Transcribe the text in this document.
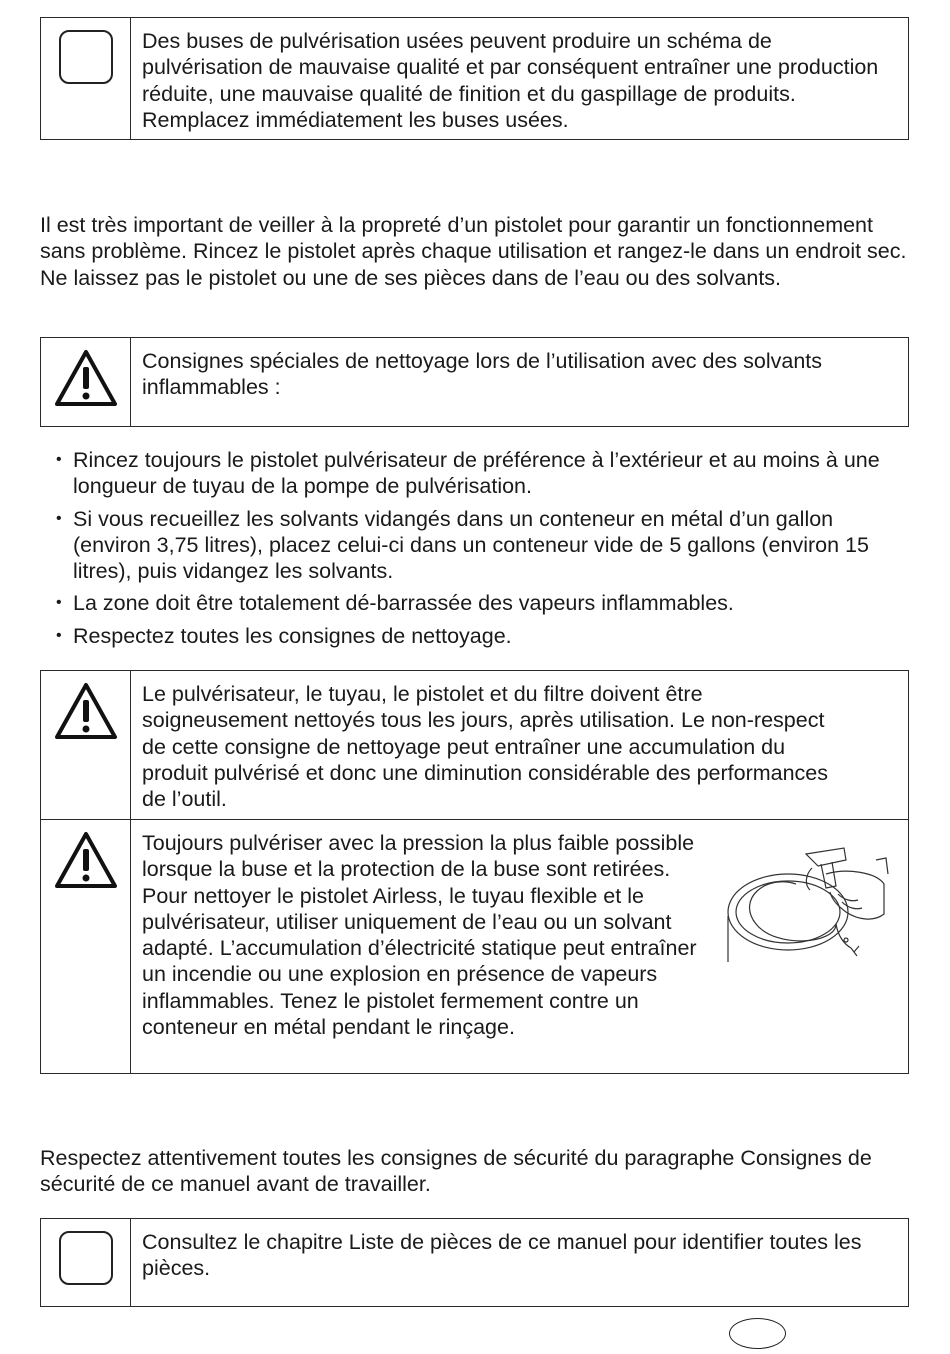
Des buses de pulvérisation usées peuvent produire un schéma de pulvérisation de mauvaise qualité et par conséquent entraîner une production réduite, une mauvaise qualité de finition et du gaspillage de produits. Remplacez immédiatement les buses usées.
Il est très important de veiller à la propreté d’un pistolet pour garantir un fonctionnement sans problème. Rincez le pistolet après chaque utilisation et rangez-le dans un endroit sec. Ne laissez pas le pistolet ou une de ses pièces dans de l’eau ou des solvants.
Consignes spéciales de nettoyage lors de l’utilisation avec des solvants inflammables :
• Rincez toujours le pistolet pulvérisateur de préférence à l’extérieur et au moins à une longueur de tuyau de la pompe de pulvérisation.
• Si vous recueillez les solvants vidangés dans un conteneur en métal d’un gallon (environ 3,75 litres), placez celui-ci dans un conteneur vide de 5 gallons (environ 15 litres), puis vidangez les solvants.
• La zone doit être totalement dé-barrassée des vapeurs inflammables.
• Respectez toutes les consignes de nettoyage.
Le pulvérisateur, le tuyau, le pistolet et du filtre doivent être soigneusement nettoyés tous les jours, après utilisation. Le non-respect de cette consigne de nettoyage peut entraîner une accumulation du produit pulvérisé et donc une diminution considérable des performances de l’outil.
Toujours pulvériser avec la pression la plus faible possible lorsque la buse et la protection de la buse sont retirées. Pour nettoyer le pistolet Airless, le tuyau flexible et le pulvérisateur, utiliser uniquement de l’eau ou un solvant adapté. L’accumulation d’électricité statique peut entraîner un incendie ou une explosion en présence de vapeurs inflammables. Tenez le pistolet fermement contre un conteneur en métal pendant le rinçage.
Respectez attentivement toutes les consignes de sécurité du paragraphe Consignes de sécurité de ce manuel avant de travailler.
Consultez le chapitre Liste de pièces de ce manuel pour identifier toutes les pièces.
